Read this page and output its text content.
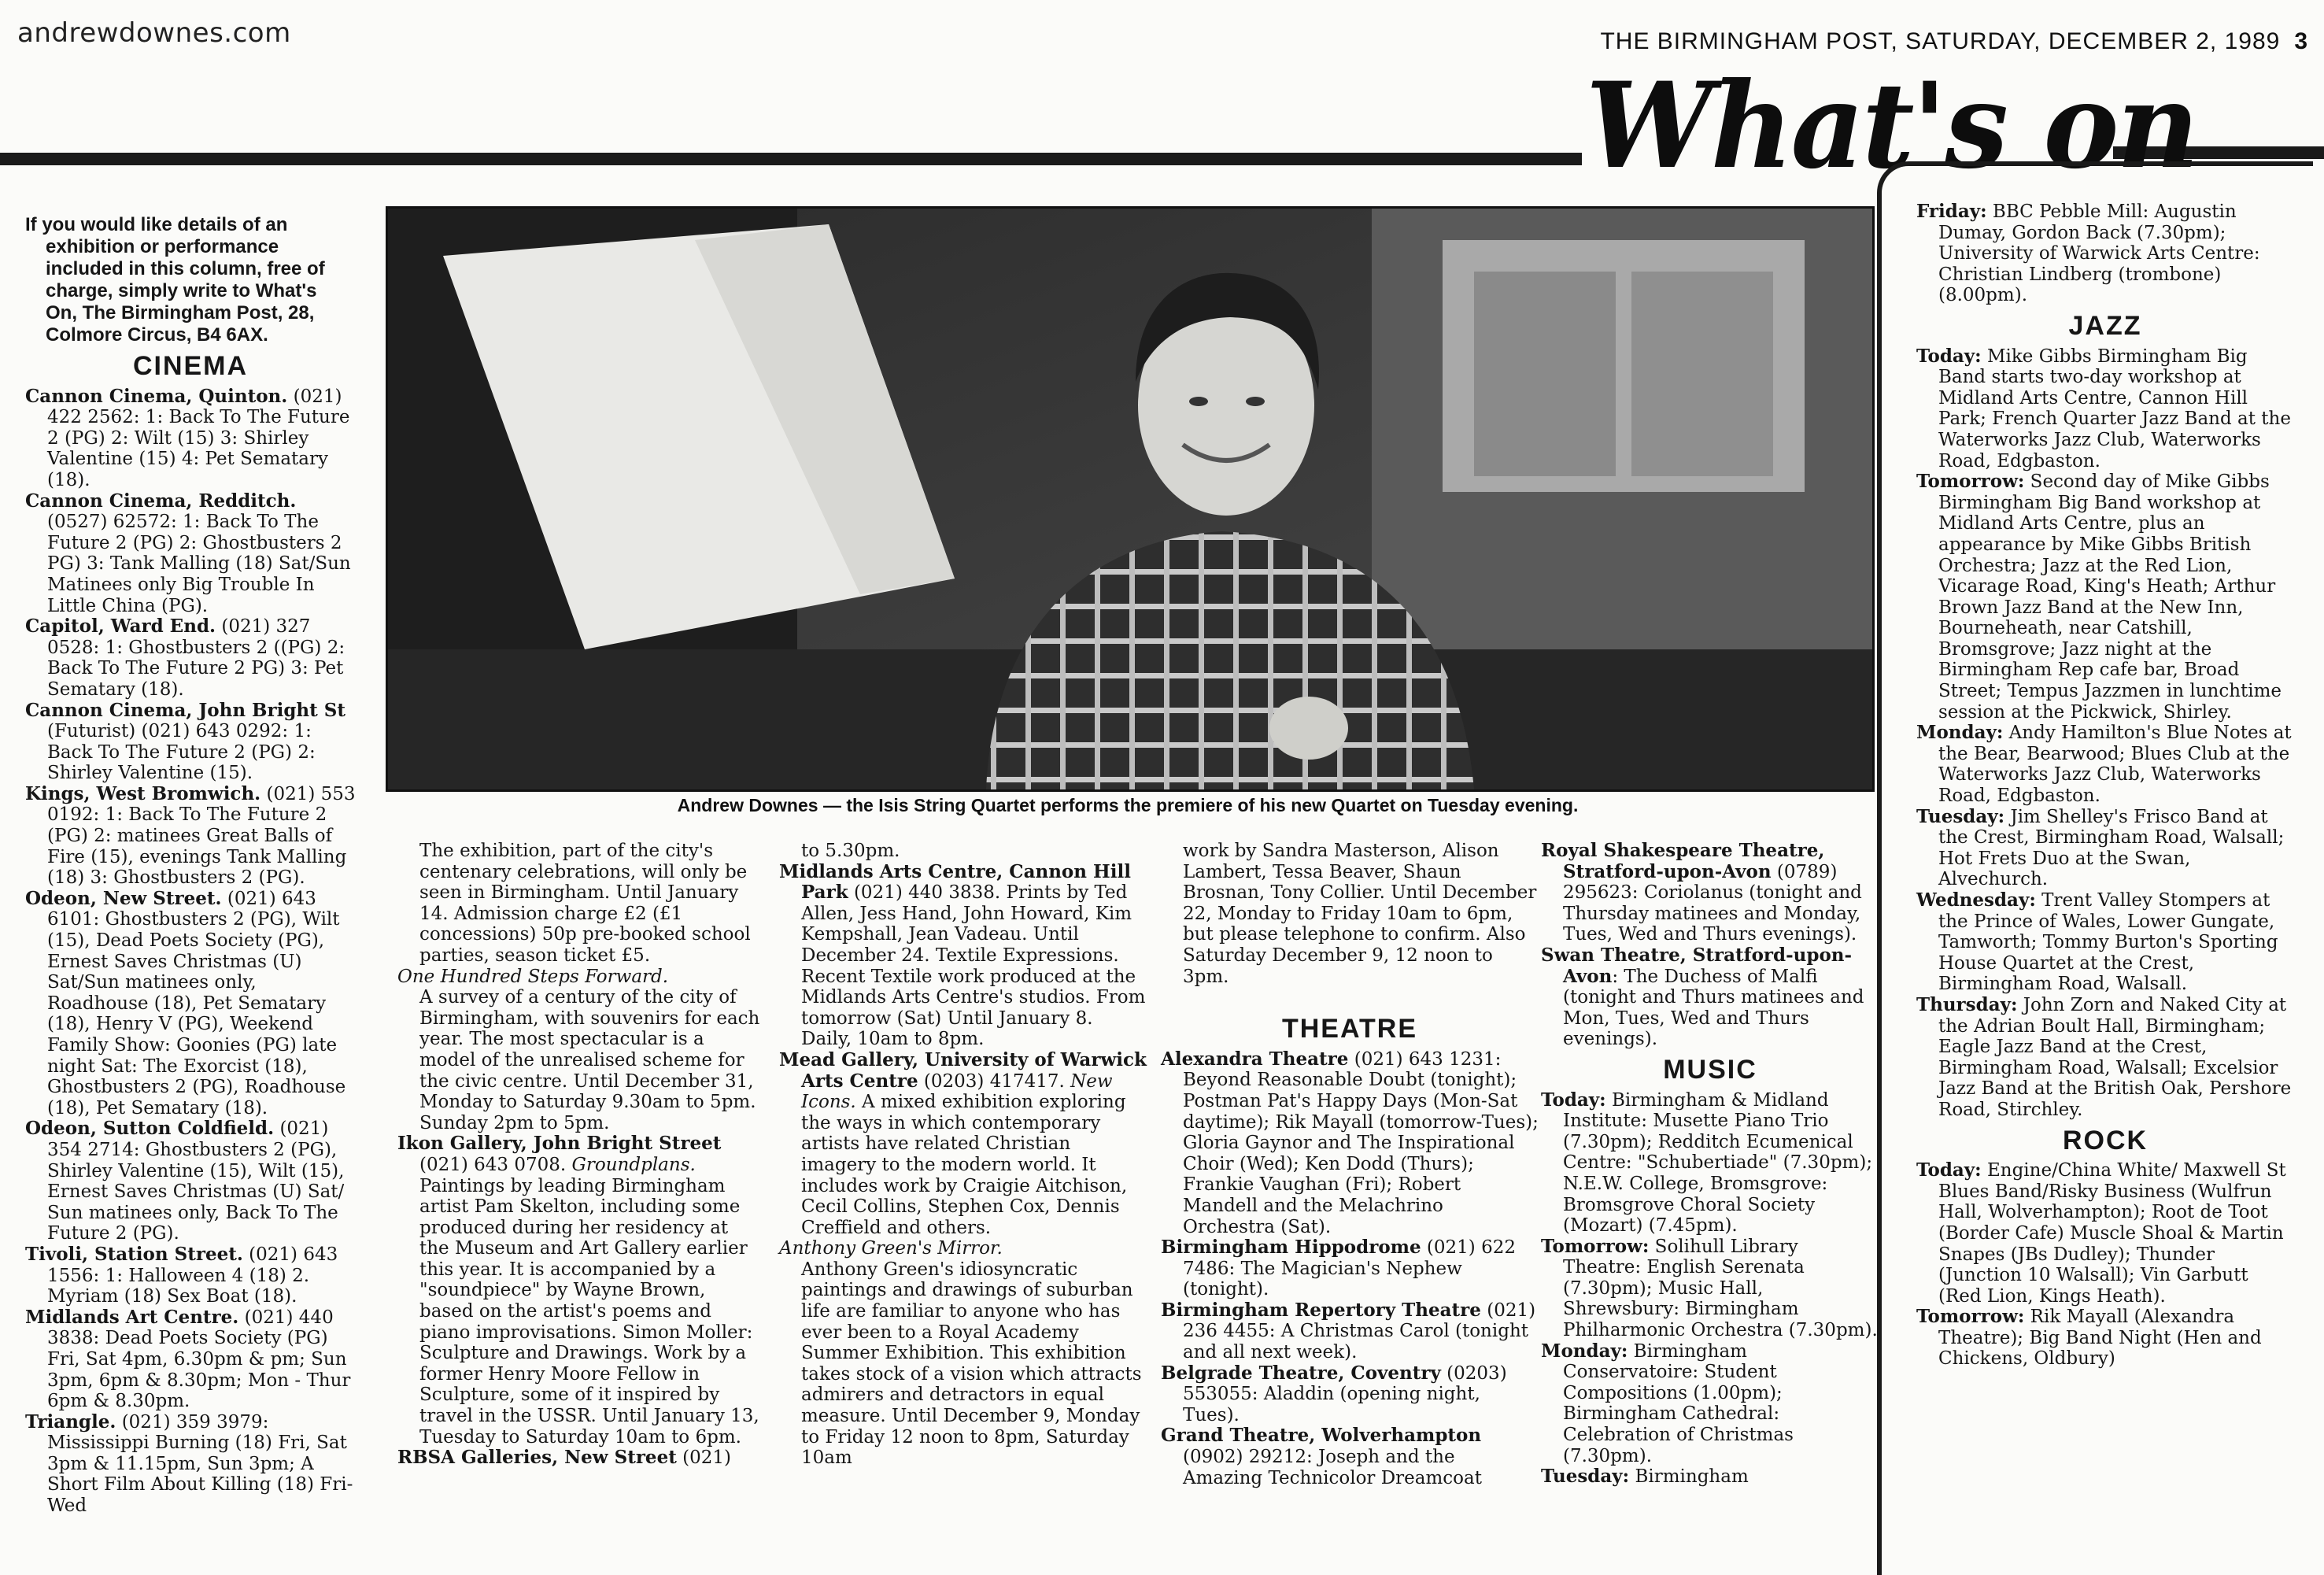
andrewdownes.com	THE BIRMINGHAM POST, SATURDAY, DECEMBER 2, 1989 3
What's on
If you would like details of an exhibition or performance included in this column, free of charge, simply write to What's On, The Birmingham Post, 28, Colmore Circus, B4 6AX.
CINEMA

Cannon Cinema, Quinton. (021) 422 2562: 1: Back To The Future 2 (PG) 2: Wilt (15) 3: Shirley Valentine (15) 4: Pet Sematary (18).

Cannon Cinema, Redditch. (0527) 62572: 1: Back To The Future 2 (PG) 2: Ghostbusters 2 PG) 3: Tank Malling (18) Sat/Sun Matinees only Big Trouble In Little China (PG).

Capitol, Ward End. (021) 327 0528: 1: Ghostbusters 2 ((PG) 2: Back To The Future 2 PG) 3: Pet Sematary (18).

Cannon Cinema, John Bright St (Futurist) (021) 643 0292: 1: Back To The Future 2 (PG) 2: Shirley Valentine (15).

Kings, West Bromwich. (021) 553 0192: 1: Back To The Future 2 (PG) 2: matinees Great Balls of Fire (15), evenings Tank Malling (18) 3: Ghostbusters 2 (PG).

Odeon, New Street. (021) 643 6101: Ghostbusters 2 (PG), Wilt (15), Dead Poets Society (PG), Ernest Saves Christmas (U) Sat/Sun matinees only, Roadhouse (18), Pet Sematary (18), Henry V (PG), Weekend Family Show: Goonies (PG) late night Sat: The Exorcist (18), Ghostbusters 2 (PG), Roadhouse (18), Pet Sematary (18).

Odeon, Sutton Coldfield. (021) 354 2714: Ghostbusters 2 (PG), Shirley Valentine (15), Wilt (15), Ernest Saves Christmas (U) Sat/ Sun matinees only, Back To The Future 2 (PG).

Tivoli, Station Street. (021) 643 1556: 1: Halloween 4 (18) 2. Myriam (18) Sex Boat (18).

Midlands Art Centre. (021) 440 3838: Dead Poets Society (PG) Fri, Sat 4pm, 6.30pm & pm; Sun 3pm, 6pm & 8.30pm; Mon - Thur 6pm & 8.30pm.

Triangle. (021) 359 3979: Mississippi Burning (18) Fri, Sat 3pm & 11.15pm, Sun 3pm; A Short Film About Killing (18) Fri-Wed

Andrew Downes — the Isis String Quartet performs the premiere of his new Quartet on Tuesday evening.

The exhibition, part of the city's centenary celebrations, will only be seen in Birmingham. Until January 14. Admission charge £2 (£1 concessions) 50p pre-booked school parties, season ticket £5.

One Hundred Steps Forward.

A survey of a century of the city of Birmingham, with souvenirs for each year. The most spectacular is a model of the unrealised scheme for the civic centre. Until December 31, Monday to Saturday 9.30am to 5pm. Sunday 2pm to 5pm.

Ikon Gallery, John Bright Street (021) 643 0708. Groundplans. Paintings by leading Birmingham artist Pam Skelton, including some produced during her residency at the Museum and Art Gallery earlier this year. It is accompanied by a "soundpiece" by Wayne Brown, based on the artist's poems and piano improvisations. Simon Moller: Sculpture and Drawings. Work by a former Henry Moore Fellow in Sculpture, some of it inspired by travel in the USSR. Until January 13, Tuesday to Saturday 10am to 6pm.

RBSA Galleries, New Street (021)

to 5.30pm.

Midlands Arts Centre, Cannon Hill Park (021) 440 3838. Prints by Ted Allen, Jess Hand, John Howard, Kim Kempshall, Jean Vadeau. Until December 24. Textile Expressions. Recent Textile work produced at the Midlands Arts Centre's studios. From tomorrow (Sat) Until January 8.

Daily, 10am to 8pm.

Mead Gallery, University of Warwick Arts Centre (0203) 417417. New Icons. A mixed exhibition exploring the ways in which contemporary artists have related Christian imagery to the modern world. It includes work by Craigie Aitchison, Cecil Collins, Stephen Cox, Dennis Creffield and others.

Anthony Green's Mirror.

Anthony Green's idiosyncratic paintings and drawings of suburban life are familiar to anyone who has ever been to a Royal Academy Summer Exhibition. This exhibition takes stock of a vision which attracts admirers and detractors in equal measure. Until December 9, Monday to Friday 12 noon to 8pm, Saturday 10am

work by Sandra Masterson, Alison Lambert, Tessa Beaver, Shaun Brosnan, Tony Collier. Until December 22, Monday to Friday 10am to 6pm, but please telephone to confirm. Also Saturday December 9, 12 noon to 3pm.

THEATRE

Alexandra Theatre (021) 643 1231: Beyond Reasonable Doubt (tonight); Postman Pat's Happy Days (Mon-Sat daytime); Rik Mayall (tomorrow-Tues); Gloria Gaynor and The Inspirational Choir (Wed); Ken Dodd (Thurs); Frankie Vaughan (Fri); Robert Mandell and the Melachrino Orchestra (Sat).

Birmingham Hippodrome (021) 622 7486: The Magician's Nephew (tonight).

Birmingham Repertory Theatre (021) 236 4455: A Christmas Carol (tonight and all next week).

Belgrade Theatre, Coventry (0203) 553055: Aladdin (opening night, Tues).

Grand Theatre, Wolverhampton (0902) 29212: Joseph and the Amazing Technicolor Dreamcoat

Royal Shakespeare Theatre, Stratford-upon-Avon (0789) 295623: Coriolanus (tonight and Thursday matinees and Monday, Tues, Wed and Thurs evenings).

Swan Theatre, Stratford-upon-Avon: The Duchess of Malfi (tonight and Thurs matinees and Mon, Tues, Wed and Thurs evenings).

MUSIC

Today: Birmingham & Midland Institute: Musette Piano Trio (7.30pm); Redditch Ecumenical Centre: "Schubertiade" (7.30pm); N.E.W. College, Bromsgrove: Bromsgrove Choral Society (Mozart) (7.45pm).

Tomorrow: Solihull Library Theatre: English Serenata (7.30pm); Music Hall, Shrewsbury: Birmingham Philharmonic Orchestra (7.30pm).

Monday: Birmingham Conservatoire: Student Compositions (1.00pm); Birmingham Cathedral: Celebration of Christmas (7.30pm).

Tuesday: Birmingham

Friday: BBC Pebble Mill: Augustin Dumay, Gordon Back (7.30pm); University of Warwick Arts Centre: Christian Lindberg (trombone) (8.00pm).

JAZZ

Today: Mike Gibbs Birmingham Big Band starts two-day workshop at Midland Arts Centre, Cannon Hill Park; French Quarter Jazz Band at the Waterworks Jazz Club, Waterworks Road, Edgbaston.

Tomorrow: Second day of Mike Gibbs Birmingham Big Band workshop at Midland Arts Centre, plus an appearance by Mike Gibbs British Orchestra; Jazz at the Red Lion, Vicarage Road, King's Heath; Arthur Brown Jazz Band at the New Inn, Bourneheath, near Catshill, Bromsgrove; Jazz night at the Birmingham Rep cafe bar, Broad Street; Tempus Jazzmen in lunchtime session at the Pickwick, Shirley.

Monday: Andy Hamilton's Blue Notes at the Bear, Bearwood; Blues Club at the Waterworks Jazz Club, Waterworks Road, Edgbaston.

Tuesday: Jim Shelley's Frisco Band at the Crest, Birmingham Road, Walsall; Hot Frets Duo at the Swan, Alvechurch.

Wednesday: Trent Valley Stompers at the Prince of Wales, Lower Gungate, Tamworth; Tommy Burton's Sporting House Quartet at the Crest, Birmingham Road, Walsall.

Thursday: John Zorn and Naked City at the Adrian Boult Hall, Birmingham; Eagle Jazz Band at the Crest, Birmingham Road, Walsall; Excelsior Jazz Band at the British Oak, Pershore Road, Stirchley.

ROCK

Today: Engine/China White/ Maxwell St Blues Band/Risky Business (Wulfrun Hall, Wolverhampton); Root de Toot (Border Cafe) Muscle Shoal & Martin Snapes (JBs Dudley); Thunder (Junction 10 Walsall); Vin Garbutt (Red Lion, Kings Heath).

Tomorrow: Rik Mayall (Alexandra Theatre); Big Band Night (Hen and Chickens, Oldbury)
